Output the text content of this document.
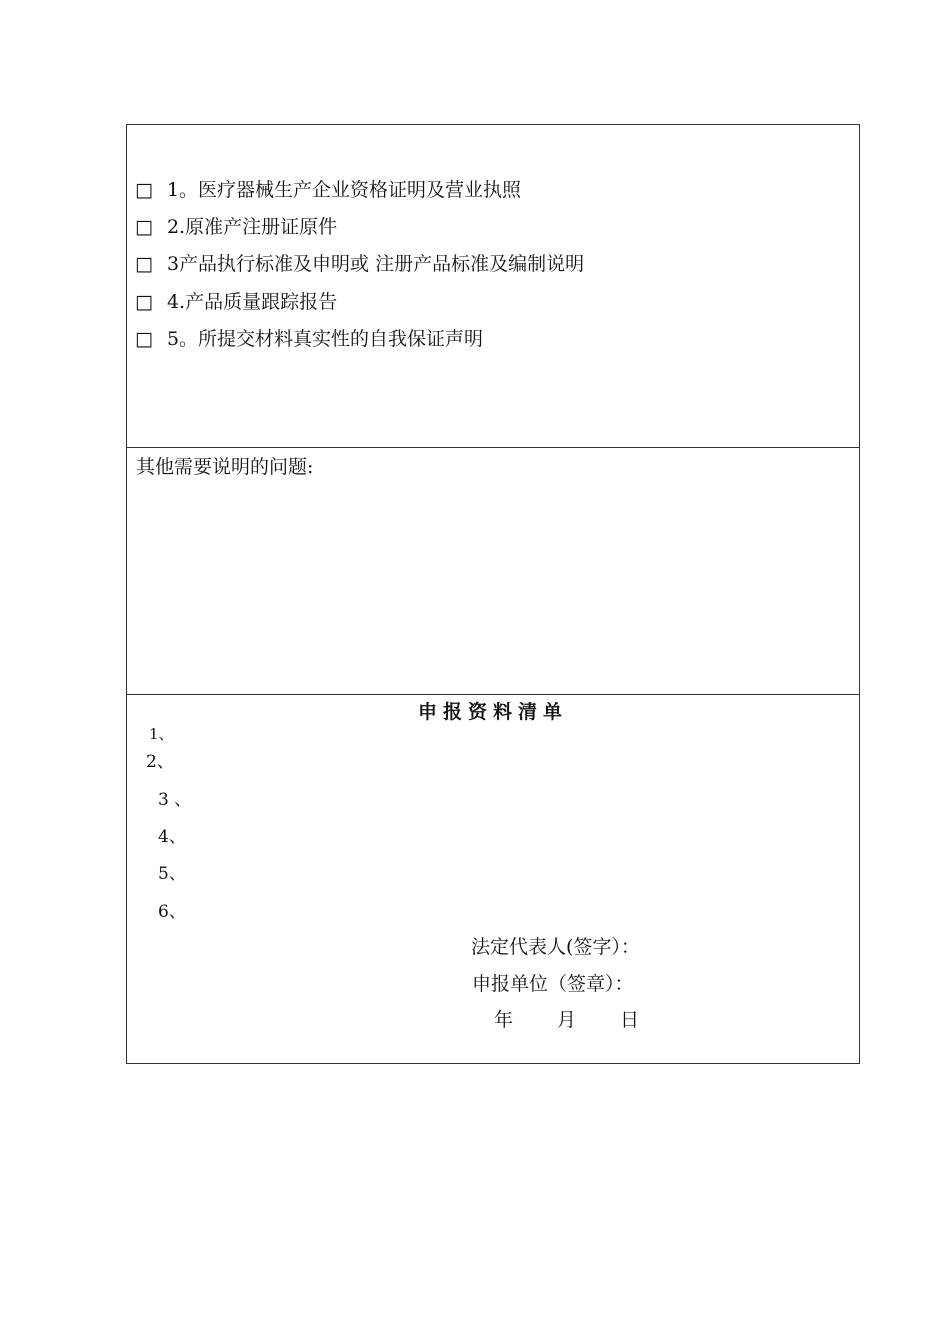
□ 1。医疗器械生产企业资格证明及营业执照
□ 2.原准产注册证原件
□ 3产品执行标准及申明或 注册产品标准及编制说明
□ 4.产品质量跟踪报告
□ 5。所提交材料真实性的自我保证声明
其他需要说明的问题:
申报资料清单
1、
2、
3 、
4、
5、
6、
法定代表人(签字）：
申报单位（签章）：
年 月 日
